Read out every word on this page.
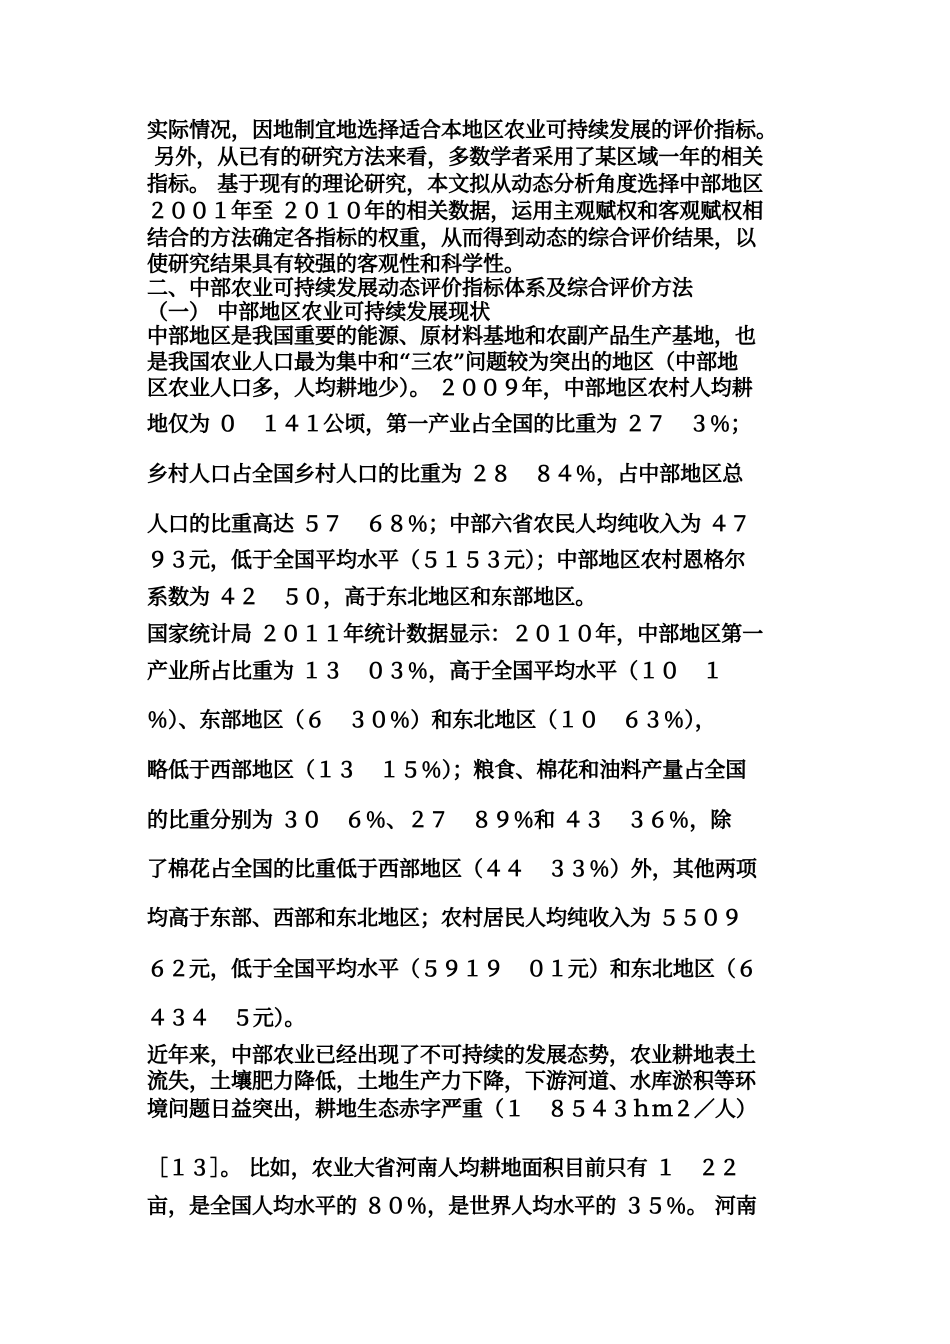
实际情况，因地制宜地选择适合本地区农业可持续发展的评价指标。
另外，从已有的研究方法来看，多数学者采用了某区域一年的相关
指标。 基于现有的理论研究，本文拟从动态分析角度选择中部地区
２００１年至 ２０１０年的相关数据，运用主观赋权和客观赋权相
结合的方法确定各指标的权重，从而得到动态的综合评价结果，以
使研究结果具有较强的客观性和科学性。
二、中部农业可持续发展动态评价指标体系及综合评价方法
（一） 中部地区农业可持续发展现状
中部地区是我国重要的能源、原材料基地和农副产品生产基地，也
是我国农业人口最为集中和“三农”问题较为突出的地区（中部地
区农业人口多，人均耕地少）。 ２００９年，中部地区农村人均耕
地仅为 ０   １４１公顷，第一产业占全国的比重为 ２７   ３％；
乡村人口占全国乡村人口的比重为 ２８   ８４％，占中部地区总
人口的比重高达 ５７   ６８％；中部六省农民人均纯收入为 ４７
９３元，低于全国平均水平（５１５３元）；中部地区农村恩格尔
系数为 ４２   ５０，高于东北地区和东部地区。
国家统计局 ２０１１年统计数据显示：２０１０年，中部地区第一
产业所占比重为 １３   ０３％，高于全国平均水平（１０   １
％）、东部地区（６   ３０％）和东北地区（１０   ６３％），
略低于西部地区（１３   １５％）；粮食、棉花和油料产量占全国
的比重分别为 ３０   ６％、２７   ８９％和 ４３   ３６％，除
了棉花占全国的比重低于西部地区（４４   ３３％）外，其他两项
均高于东部、西部和东北地区；农村居民人均纯收入为 ５５０９
６２元，低于全国平均水平（５９１９   ０１元）和东北地区（６
４３４   ５元）。
近年来，中部农业已经出现了不可持续的发展态势，农业耕地表土
流失，土壤肥力降低，土地生产力下降，下游河道、水库淤积等环
境问题日益突出，耕地生态赤字严重（１   ８５４３ｈｍ２／人）
［１３］。 比如，农业大省河南人均耕地面积目前只有 １   ２２
亩，是全国人均水平的 ８０％，是世界人均水平的 ３５％。 河南
